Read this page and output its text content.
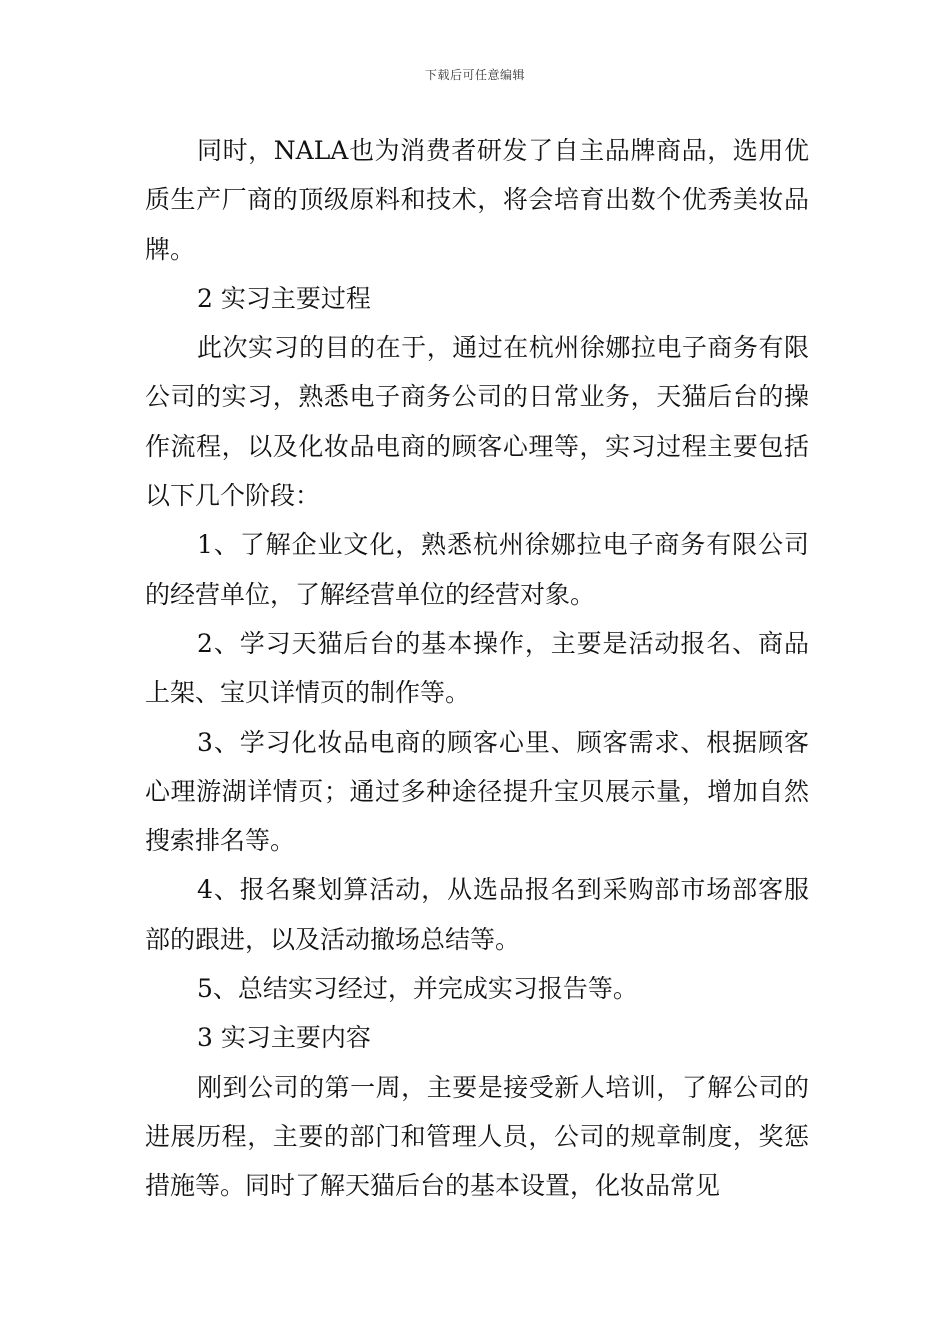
下载后可任意编辑

同时，NALA也为消费者研发了自主品牌商品，选用优质生产厂商的顶级原料和技术，将会培育出数个优秀美妆品牌。

2 实习主要过程

此次实习的目的在于，通过在杭州徐娜拉电子商务有限公司的实习，熟悉电子商务公司的日常业务，天猫后台的操作流程，以及化妆品电商的顾客心理等，实习过程主要包括以下几个阶段：

1、了解企业文化，熟悉杭州徐娜拉电子商务有限公司的经营单位，了解经营单位的经营对象。

2、学习天猫后台的基本操作，主要是活动报名、商品上架、宝贝详情页的制作等。

3、学习化妆品电商的顾客心里、顾客需求、根据顾客心理游湖详情页；通过多种途径提升宝贝展示量，增加自然搜索排名等。

4、报名聚划算活动，从选品报名到采购部市场部客服部的跟进，以及活动撤场总结等。

5、总结实习经过，并完成实习报告等。

3 实习主要内容

刚到公司的第一周，主要是接受新人培训，了解公司的进展历程，主要的部门和管理人员，公司的规章制度，奖惩措施等。同时了解天猫后台的基本设置，化妆品常见
